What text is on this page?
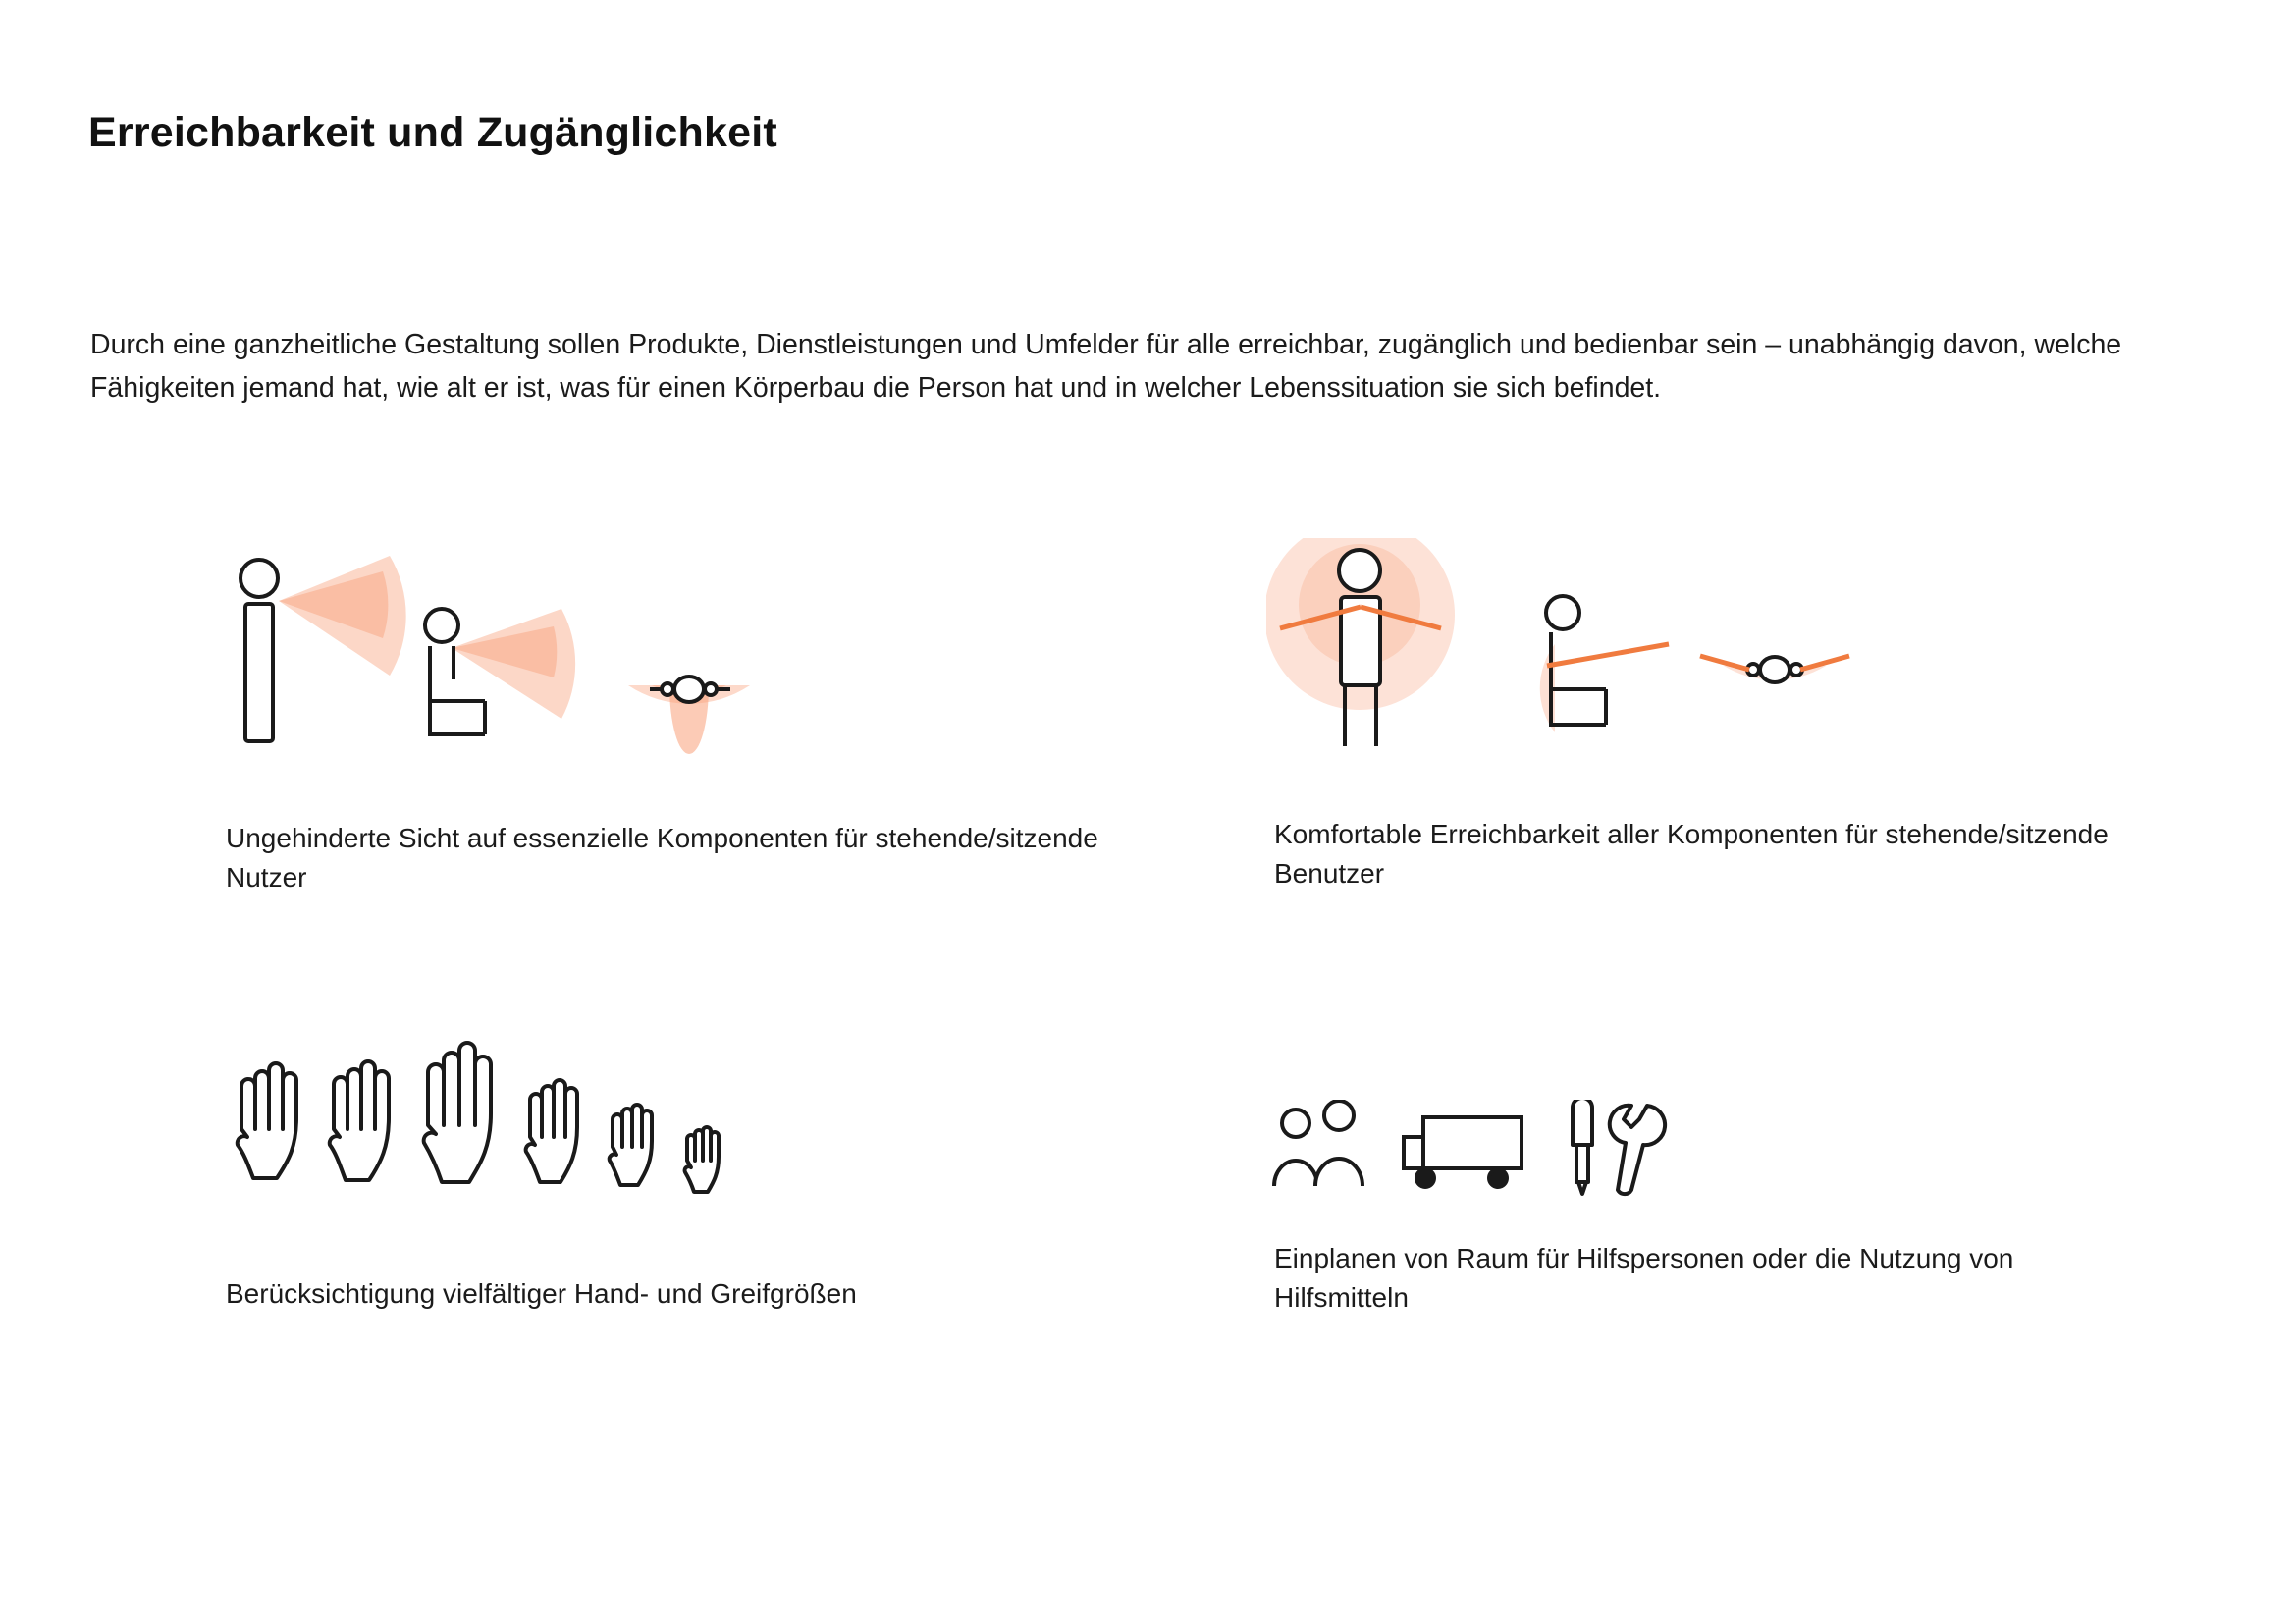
Erreichbarkeit und Zugänglichkeit

Durch eine ganzheitliche Gestaltung sollen Produkte, Dienstleistungen und Umfelder für alle erreichbar, zugänglich und bedienbar sein – unabhängig davon, welche Fähigkeiten jemand hat, wie alt er ist, was für einen Körperbau die Person hat und in welcher Lebenssituation sie sich befindet.

Ungehinderte Sicht auf essenzielle Komponenten für stehende/sitzende Nutzer
Komfortable Erreichbarkeit aller Komponenten für stehende/sitzende Benutzer
Berücksichtigung vielfältiger Hand- und Greifgrößen
Einplanen von Raum für Hilfspersonen oder die Nutzung von Hilfsmitteln
